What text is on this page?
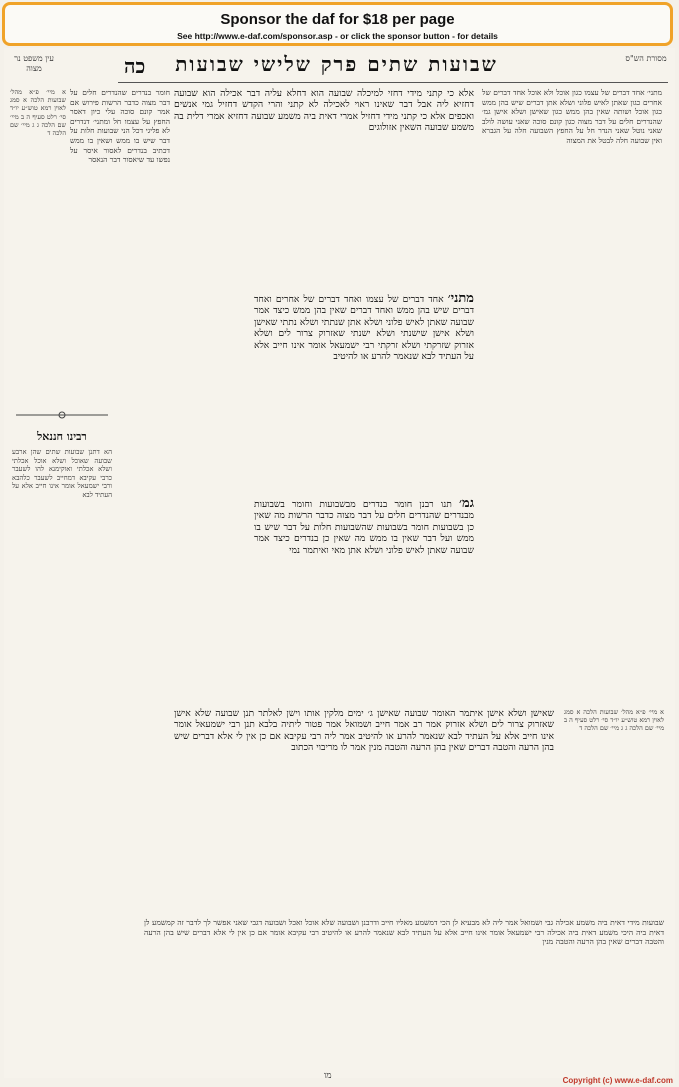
Sponsor the daf for $18 per page
See http://www.e-daf.com/sponsor.asp - or click the sponsor button - for details
עין משפט נר מצוה
מסורת הש"ס
כה	שבועות שתים פרק שלישי שבועות
א מיי׳ פ״א מהל׳ שבועות הלכה א סמג לאוין רמא טוש״ע יו״ד סי׳ רלט סעיף ה ב מיי׳ שם הלכה ג ג מיי׳ שם הלכה ד
חומר בנדרים שהנדרים חלים על דבר מצוה כדבר הרשות פירוש אם אמר קונם סוכה עלי כיון דאסר החפץ על עצמו חל ומתני׳ דנדרים לא פליגי דכל הני שבועות חלות על דבר שיש בו ממש ושאין בו ממש דכתיב בנדרים לאסור איסר על נפשו עד שיאסור דבר הנאסר
רבינו חננאל
הא דתנן שבועות שתים שהן ארבע שבועה שאוכל ושלא אוכל אכלתי ושלא אכלתי ואוקימנא להו לשעבר כרבי עקיבא דמחייב לשעבר כלהבא ורבי ישמעאל אומר אינו חייב אלא על העתיד לבא
אלא כי קתני מידי דחזי למיכלה שבועה הוא דחלא עליה דבר אכילה הוא שבועה דחזיא ליה אבל דבר שאינו ראוי לאכילה לא קתני והרי הקדש דחזיל גמי אנשים ואכפים אלא כי קתני מידי דחזיל אמרי דאית ביה משמע שבועה דחזיא אמרי דלית בה משמע שבועה השאין אזולוגים
מתני׳ אחד דברים של עצמו ואחד דברים של אחרים ואחד דברים שיש בהן ממש ואחד דברים שאין בהן ממש כיצד אמר שבועה שאתן לאיש פלוני ושלא אתן שנתתי ושלא נתתי שאישן ושלא אישן שישנתי ושלא ישנתי שאזרוק צרור לים ושלא אזרוק שזרקתי ושלא זרקתי רבי ישמעאל אומר אינו חייב אלא על העתיד לבא שנאמר להרע או להיטיב
גמ׳ תנו רבנן חומר בנדרים מבשבועות וחומר בשבועות מבנדרים שהנדרים חלים על דבר מצוה כדבר הרשות מה שאין כן בשבועות חומר בשבועות שהשבועות חלות על דבר שיש בו ממש ועל דבר שאין בו ממש מה שאין כן בנדרים כיצד אמר שבועה שאתן לאיש פלוני ושלא אתן מאי ואיתמר נמי
שאישן ושלא אישן איתמר האומר שבועה שאישן ג׳ ימים מלקין אותו וישן לאלתר תנן שבועה שלא אישן שאזרוק צרור לים ושלא אזרוק אמר רב אמר חייב ושמואל אמר פטור ליתיה בלבא תנן רבי ישמעאל אומר אינו חייב אלא על העתיד לבא שנאמר להרע או להיטיב אמר ליה רבי עקיבא אם כן אין לי אלא דברים שיש בהן הרעה והטבה דברים שאין בהן הרעה והטבה מנין אמר לו מריבוי הכתוב
מתני׳ אחד דברים של עצמו כגון אוכל ולא אוכל אחד דברים של אחרים כגון שאתן לאיש פלוני ושלא אתן דברים שיש בהן ממש כגון אוכל ושותה שאין בהן ממש כגון שאישן ושלא אישן גמ׳ שהנדרים חלים על דבר מצוה כגון קונם סוכה שאני עושה לולב שאני נוטל שאני הנדר חל על החפץ השבועה חלה על הגברא ואין שבועה חלה לבטל את המצוה
א מיי׳ פ״א מהל׳ שבועות הלכה א סמג לאוין רמא טוש״ע יו״ד סי׳ רלט סעיף ה ב מיי׳ שם הלכה ג ג מיי׳ שם הלכה ד
שבועות מידי דאית ביה משמע אכילה גבי ושמואל אמר ליה לא מבעיא לן הכי דמשמע מאליו חייב ודרבנן ושבועה שלא אוכל ואכל ושבועה דגבי שאני אפשר לך לדבר זה קמשמע לן דאית ביה היכי משמע דאית ביה אכילה רבי ישמעאל אומר אינו חייב אלא על העתיד לבא שנאמר להרע או להיטיב רבי עקיבא אומר אם כן אין לי אלא דברים שיש בהן הרעה והטבה דברים שאין בהן הרעה והטבה מנין
מו	Copyright (c) www.e-daf.com
